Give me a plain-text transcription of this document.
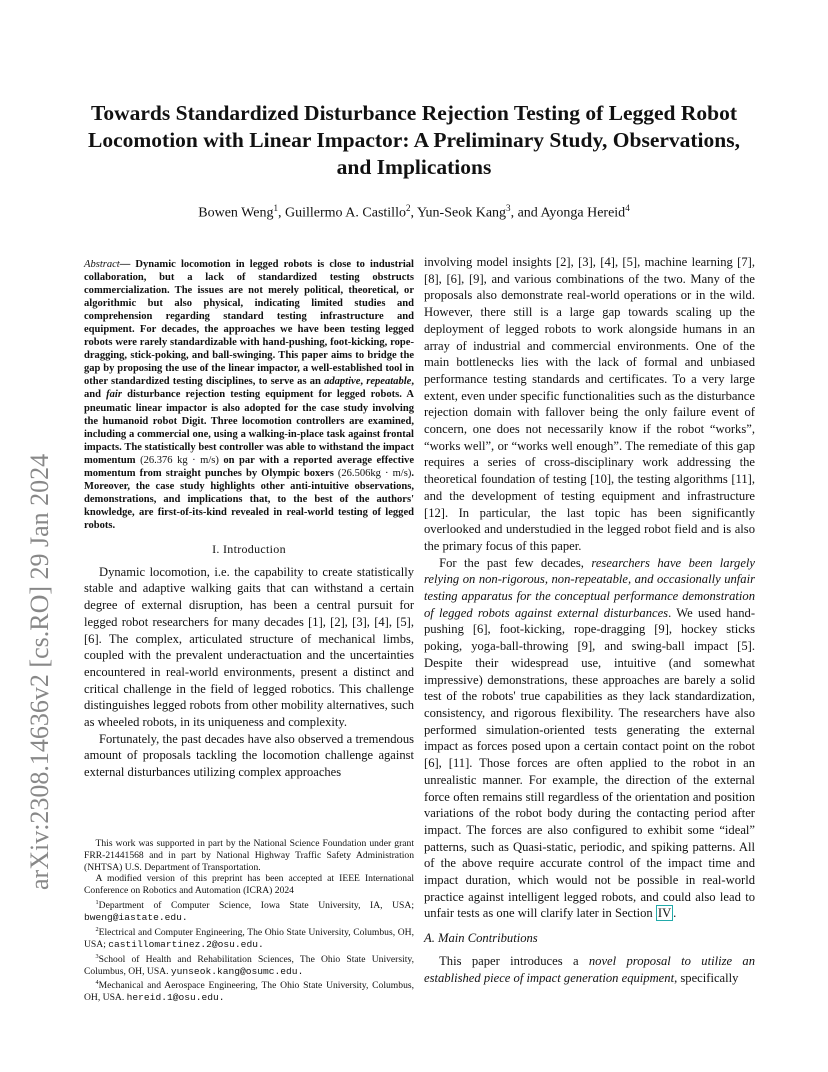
arXiv:2308.14636v2 [cs.RO] 29 Jan 2024
Towards Standardized Disturbance Rejection Testing of Legged Robot Locomotion with Linear Impactor: A Preliminary Study, Observations, and Implications
Bowen Weng$^1$, Guillermo A. Castillo$^2$, Yun-Seok Kang$^3$, and Ayonga Hereid$^4$

Abstract— Dynamic locomotion in legged robots is close to industrial collaboration, but a lack of standardized testing obstructs commercialization. The issues are not merely political, theoretical, or algorithmic but also physical, indicating limited studies and comprehension regarding standard testing infrastructure and equipment. For decades, the approaches we have been testing legged robots were rarely standardizable with hand-pushing, foot-kicking, rope-dragging, stick-poking, and ball-swinging. This paper aims to bridge the gap by proposing the use of the linear impactor, a well-established tool in other standardized testing disciplines, to serve as an adaptive, repeatable, and fair disturbance rejection testing equipment for legged robots. A pneumatic linear impactor is also adopted for the case study involving the humanoid robot Digit. Three locomotion controllers are examined, including a commercial one, using a walking-in-place task against frontal impacts. The statistically best controller was able to withstand the impact momentum (26.376 kg · m/s) on par with a reported average effective momentum from straight punches by Olympic boxers (26.506kg · m/s). Moreover, the case study highlights other anti-intuitive observations, demonstrations, and implications that, to the best of the authors' knowledge, are first-of-its-kind revealed in real-world testing of legged robots.

I. Introduction

Dynamic locomotion, i.e. the capability to create statistically stable and adaptive walking gaits that can withstand a certain degree of external disruption, has been a central pursuit for legged robot researchers for many decades [1], [2], [3], [4], [5], [6]. The complex, articulated structure of mechanical limbs, coupled with the prevalent underactuation and the uncertainties encountered in real-world environments, present a distinct and critical challenge in the field of legged robotics. This challenge distinguishes legged robots from other mobility alternatives, such as wheeled robots, in its uniqueness and complexity.

Fortunately, the past decades have also observed a tremendous amount of proposals tackling the locomotion challenge against external disturbances utilizing complex approaches

This work was supported in part by the National Science Foundation under grant FRR-21441568 and in part by National Highway Traffic Safety Administration (NHTSA) U.S. Department of Transportation.

A modified version of this preprint has been accepted at IEEE International Conference on Robotics and Automation (ICRA) 2024

$^1$Department of Computer Science, Iowa State University, IA, USA; bweng@iastate.edu.

$^2$Electrical and Computer Engineering, The Ohio State University, Columbus, OH, USA; castillomartinez.2@osu.edu.

$^3$School of Health and Rehabilitation Sciences, The Ohio State University, Columbus, OH, USA. yunseok.kang@osumc.edu.

$^4$Mechanical and Aerospace Engineering, The Ohio State University, Columbus, OH, USA. hereid.1@osu.edu.

involving model insights [2], [3], [4], [5], machine learning [7], [8], [6], [9], and various combinations of the two. Many of the proposals also demonstrate real-world operations or in the wild. However, there still is a large gap towards scaling up the deployment of legged robots to work alongside humans in an array of industrial and commercial environments. One of the main bottlenecks lies with the lack of formal and unbiased performance testing standards and certificates. To a very large extent, even under specific functionalities such as the disturbance rejection domain with fallover being the only failure event of concern, one does not necessarily know if the robot “works”, “works well”, or “works well enough”. The remediate of this gap requires a series of cross-disciplinary work addressing the theoretical foundation of testing [10], the testing algorithms [11], and the development of testing equipment and infrastructure [12]. In particular, the last topic has been significantly overlooked and understudied in the legged robot field and is also the primary focus of this paper.

For the past few decades, researchers have been largely relying on non-rigorous, non-repeatable, and occasionally unfair testing apparatus for the conceptual performance demonstration of legged robots against external disturbances. We used hand-pushing [6], foot-kicking, rope-dragging [9], hockey sticks poking, yoga-ball-throwing [9], and swing-ball impact [5]. Despite their widespread use, intuitive (and somewhat impressive) demonstrations, these approaches are barely a solid test of the robots' true capabilities as they lack standardization, consistency, and rigorous flexibility. The researchers have also performed simulation-oriented tests generating the external impact as forces posed upon a certain contact point on the robot [6], [11]. Those forces are often applied to the robot in an unrealistic manner. For example, the direction of the external force often remains still regardless of the orientation and position variations of the robot body during the contacting period after impact. The forces are also configured to exhibit some “ideal” patterns, such as Quasi-static, periodic, and spiking patterns. All of the above require accurate control of the impact time and impact duration, which would not be possible in real-world practice against intelligent legged robots, and could also lead to unfair tests as one will clarify later in Section IV .

A. Main Contributions

This paper introduces a novel proposal to utilize an established piece of impact generation equipment, specifically
